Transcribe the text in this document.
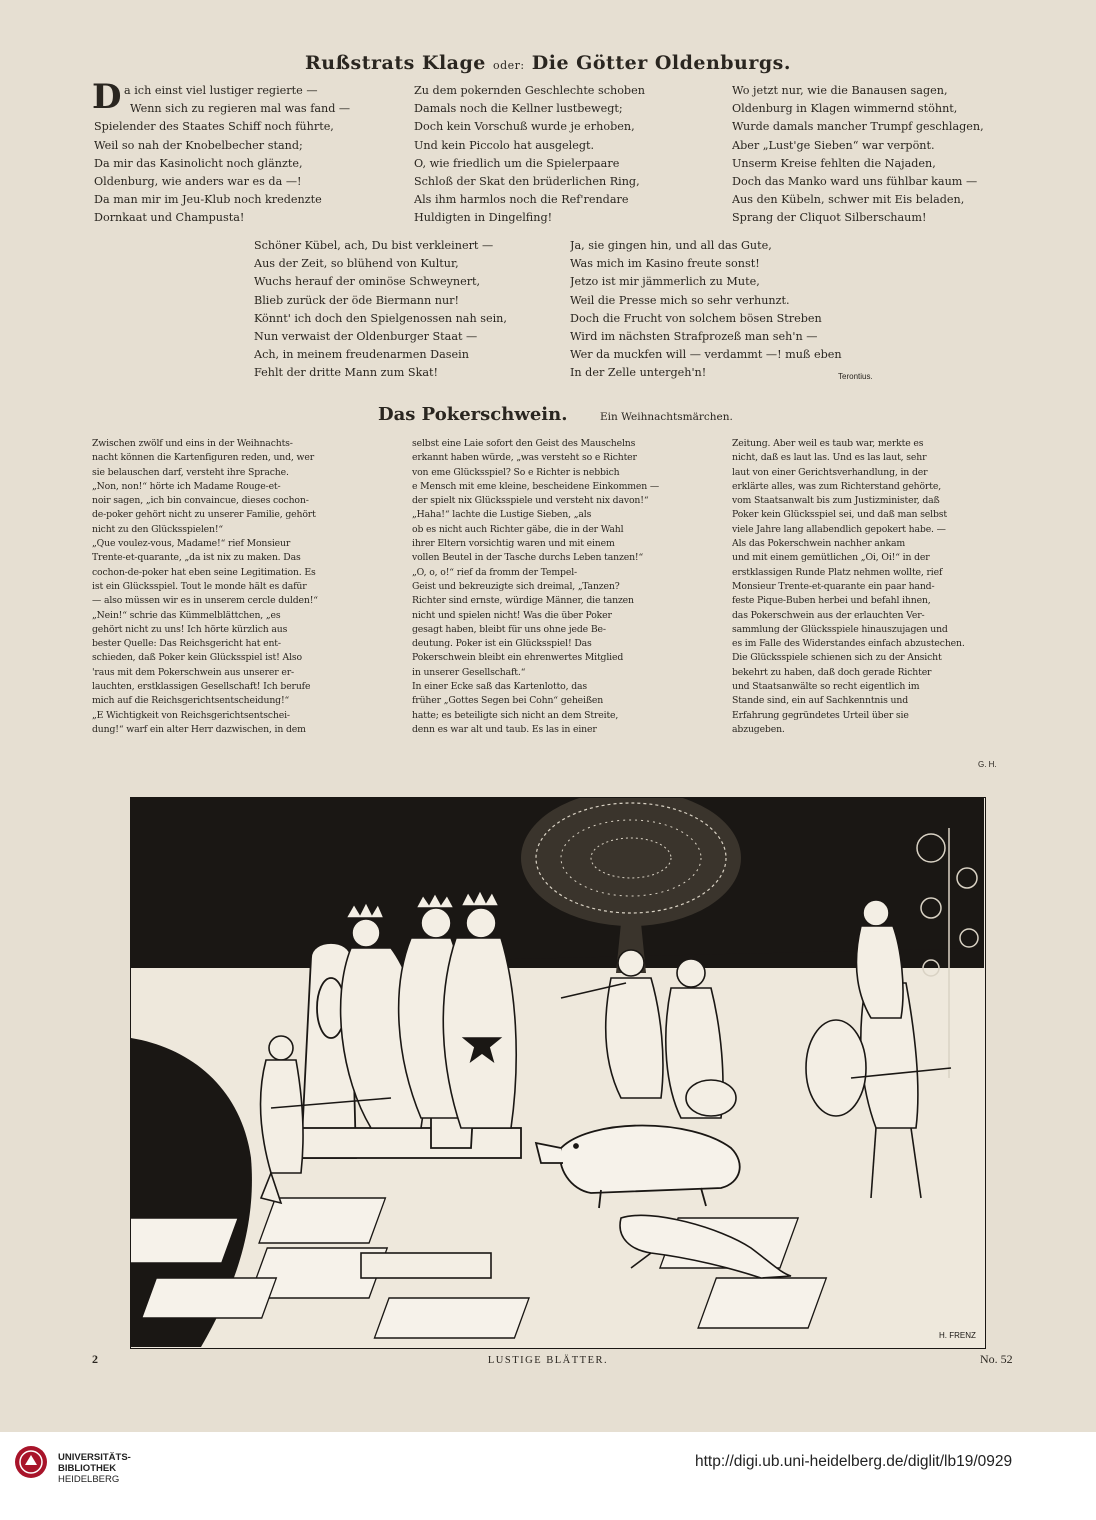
Rußstrats Klage oder: Die Götter Oldenburgs.
D a ich einst viel lustiger regierte —
Wenn sich zu regieren mal was fand —
Spielender des Staates Schiff noch führte,
Weil so nah der Knobelbecher stand;
Da mir das Kasinolicht noch glänzte,
Oldenburg, wie anders war es da —!
Da man mir im Jeu-Klub noch kredenzte
Dornkaat und Champusta!
Zu dem pokernden Geschlechte schoben
Damals noch die Kellner lustbewegt;
Doch kein Vorschuß wurde je erhoben,
Und kein Piccolo hat ausgelegt.
O, wie friedlich um die Spielerpaare
Schloß der Skat den brüderlichen Ring,
Als ihm harmlos noch die Ref'rendare
Huldigten in Dingelfing!
Wo jetzt nur, wie die Banausen sagen,
Oldenburg in Klagen wimmernd stöhnt,
Wurde damals mancher Trumpf geschlagen,
Aber „Lust'ge Sieben“ war verpönt.
Unserm Kreise fehlten die Najaden,
Doch das Manko ward uns fühlbar kaum —
Aus den Kübeln, schwer mit Eis beladen,
Sprang der Cliquot Silberschaum!
Schöner Kübel, ach, Du bist verkleinert —
Aus der Zeit, so blühend von Kultur,
Wuchs herauf der ominöse Schweynert,
Blieb zurück der öde Biermann nur!
Könnt' ich doch den Spielgenossen nah sein,
Nun verwaist der Oldenburger Staat —
Ach, in meinem freudenarmen Dasein
Fehlt der dritte Mann zum Skat!
Ja, sie gingen hin, und all das Gute,
Was mich im Kasino freute sonst!
Jetzo ist mir jämmerlich zu Mute,
Weil die Presse mich so sehr verhunzt.
Doch die Frucht von solchem bösen Streben
Wird im nächsten Strafprozeß man seh'n —
Wer da muckfen will — verdammt —! muß eben
In der Zelle untergeh'n!	Terontius.
Das Pokerschwein.	Ein Weihnachtsmärchen.
Zwischen zwölf und eins in der Weihnachts-
nacht können die Kartenfiguren reden, und, wer
sie belauschen darf, versteht ihre Sprache.
„Non, non!“ hörte ich Madame Rouge-et-
noir sagen, „ich bin convaincue, dieses cochon-
de-poker gehört nicht zu unserer Familie, gehört
nicht zu den Glücksspielen!“
„Que voulez-vous, Madame!“ rief Monsieur
Trente-et-quarante, „da ist nix zu maken. Das
cochon-de-poker hat eben seine Legitimation. Es
ist ein Glücksspiel. Tout le monde hält es dafür
— also müssen wir es in unserem cercle dulden!“
„Nein!“ schrie das Kümmelblättchen, „es
gehört nicht zu uns! Ich hörte kürzlich aus
bester Quelle: Das Reichsgericht hat ent-
schieden, daß Poker kein Glücksspiel ist! Also
'raus mit dem Pokerschwein aus unserer er-
lauchten, erstklassigen Gesellschaft! Ich berufe
mich auf die Reichsgerichtsentscheidung!“
„E Wichtigkeit von Reichsgerichtsentschei-
dung!“ warf ein alter Herr dazwischen, in dem
selbst eine Laie sofort den Geist des Mauschelns
erkannt haben würde, „was versteht so e Richter
von eme Glücksspiel? So e Richter is nebbich
e Mensch mit eme kleine, bescheidene Einkommen —
der spielt nix Glücksspiele und versteht nix davon!“
„Haha!“ lachte die Lustige Sieben, „als
ob es nicht auch Richter gäbe, die in der Wahl
ihrer Eltern vorsichtig waren und mit einem
vollen Beutel in der Tasche durchs Leben tanzen!“
„O, o, o!“ rief da fromm der Tempel-
Geist und bekreuzigte sich dreimal, „Tanzen?
Richter sind ernste, würdige Männer, die tanzen
nicht und spielen nicht! Was die über Poker
gesagt haben, bleibt für uns ohne jede Be-
deutung. Poker ist ein Glücksspiel! Das
Pokerschwein bleibt ein ehrenwertes Mitglied
in unserer Gesellschaft.“
In einer Ecke saß das Kartenlotto, das
früher „Gottes Segen bei Cohn“ geheißen
hatte; es beteiligte sich nicht an dem Streite,
denn es war alt und taub. Es las in einer
Zeitung. Aber weil es taub war, merkte es
nicht, daß es laut las. Und es las laut, sehr
laut von einer Gerichtsverhandlung, in der
erklärte alles, was zum Richterstand gehörte,
vom Staatsanwalt bis zum Justizminister, daß
Poker kein Glücksspiel sei, und daß man selbst
viele Jahre lang allabendlich gepokert habe. —
Als das Pokerschwein nachher ankam
und mit einem gemütlichen „Oi, Oi!“ in der
erstklassigen Runde Platz nehmen wollte, rief
Monsieur Trente-et-quarante ein paar hand-
feste Pique-Buben herbei und befahl ihnen,
das Pokerschwein aus der erlauchten Ver-
sammlung der Glücksspiele hinauszujagen und
es im Falle des Widerstandes einfach abzustechen.
Die Glücksspiele schienen sich zu der Ansicht
bekehrt zu haben, daß doch gerade Richter
und Staatsanwälte so recht eigentlich im
Stande sind, ein auf Sachkenntnis und
Erfahrung gegründetes Urteil über sie
abzugeben.
G. H.
H. FRENZ
2	LUSTIGE BLÄTTER.	No. 52
UNIVERSITÄTS-
BIBLIOTHEK
HEIDELBERG
http://digi.ub.uni-heidelberg.de/diglit/lb19/0929
